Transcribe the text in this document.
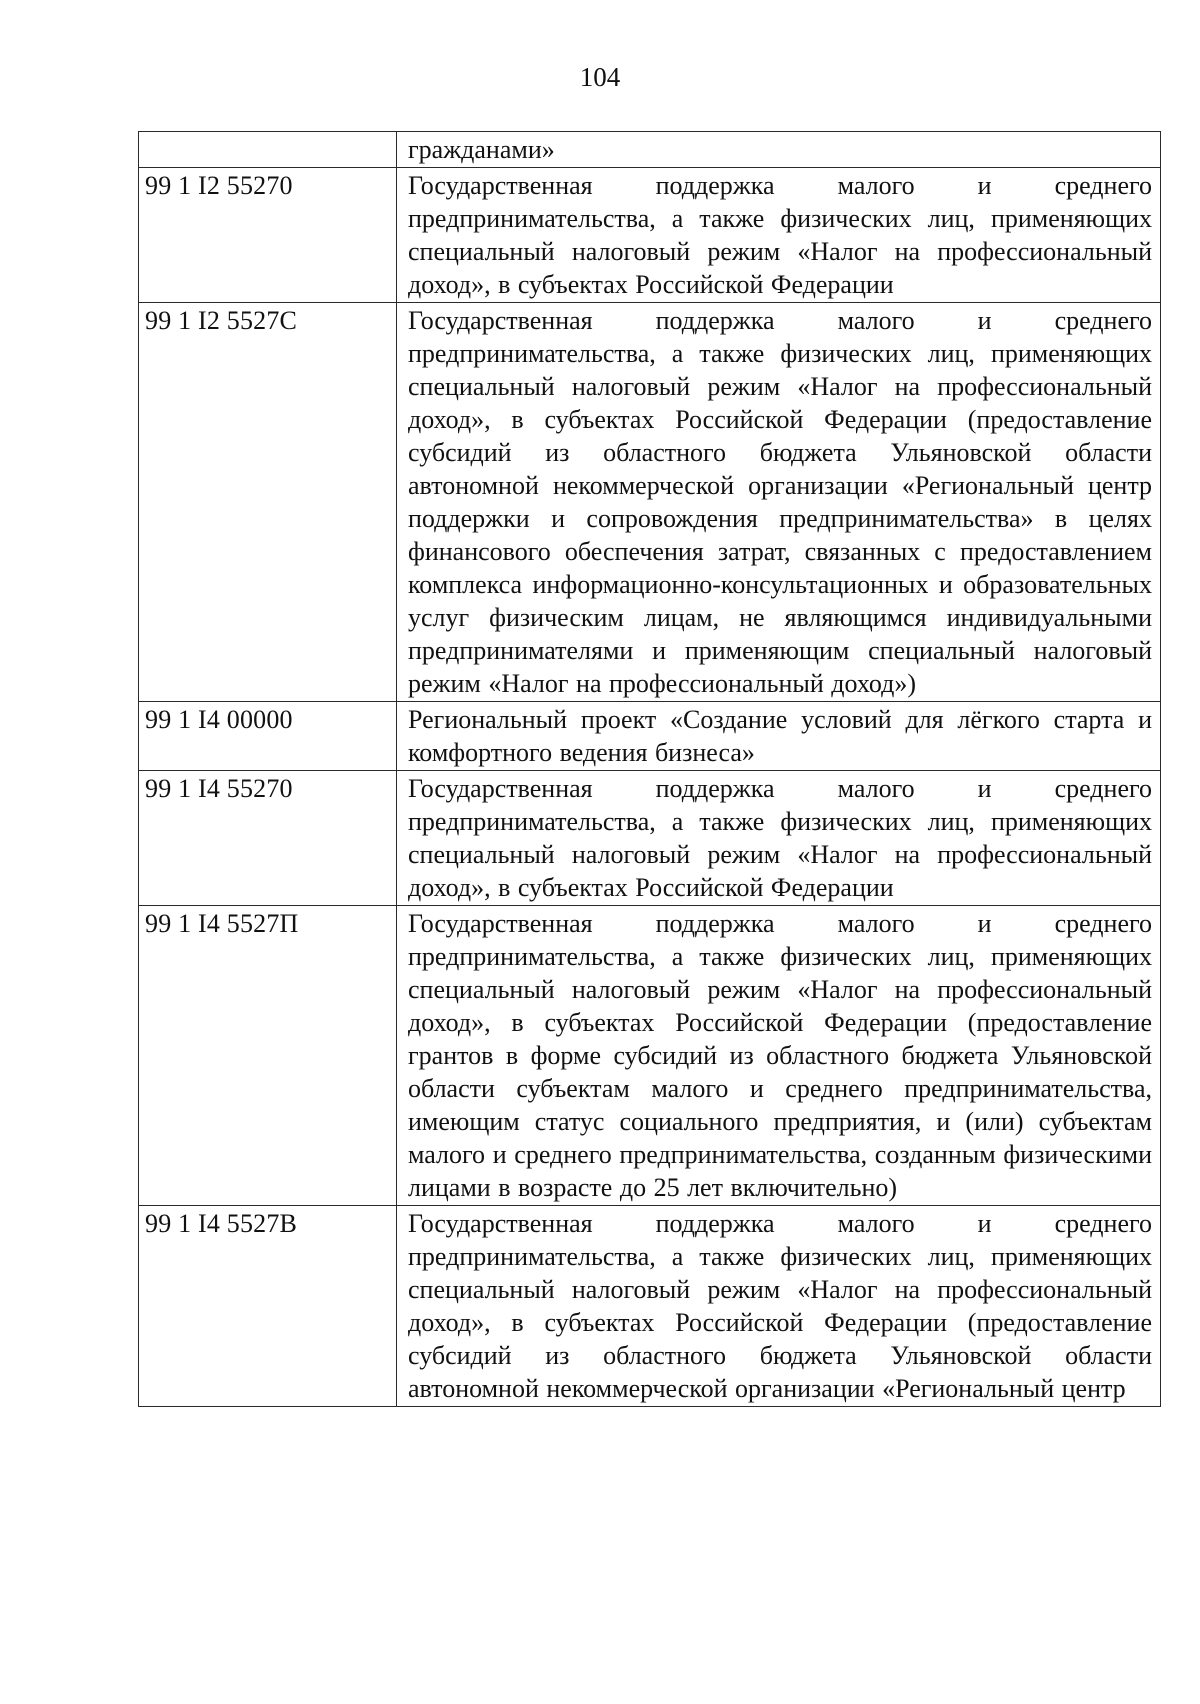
104
	гражданами»
99 1 I2 55270	Государственная поддержка малого и среднего предпринимательства, а также физических лиц, применяющих специальный налоговый режим «Налог на профессиональный доход», в субъектах Российской Федерации
99 1 I2 5527С	Государственная поддержка малого и среднего предпринимательства, а также физических лиц, применяющих специальный налоговый режим «Налог на профессиональный доход», в субъектах Российской Федерации (предоставление субсидий из областного бюджета Ульяновской области автономной некоммерческой организации «Региональный центр поддержки и сопровождения предпринимательства» в целях финансового обеспечения затрат, связанных с предоставлением комплекса информационно-консультационных и образовательных услуг физическим лицам, не являющимся индивидуальными предпринимателями и применяющим специальный налоговый режим «Налог на профессиональный доход»)
99 1 I4 00000	Региональный проект «Создание условий для лёгкого старта и комфортного ведения бизнеса»
99 1 I4 55270	Государственная поддержка малого и среднего предпринимательства, а также физических лиц, применяющих специальный налоговый режим «Налог на профессиональный доход», в субъектах Российской Федерации
99 1 I4 5527П	Государственная поддержка малого и среднего предпринимательства, а также физических лиц, применяющих специальный налоговый режим «Налог на профессиональный доход», в субъектах Российской Федерации (предоставление грантов в форме субсидий из областного бюджета Ульяновской области субъектам малого и среднего предпринимательства, имеющим статус социального предприятия, и (или) субъектам малого и среднего предпринимательства, созданным физическими лицами в возрасте до 25 лет включительно)
99 1 I4 5527В	Государственная поддержка малого и среднего предпринимательства, а также физических лиц, применяющих специальный налоговый режим «Налог на профессиональный доход», в субъектах Российской Федерации (предоставление субсидий из областного бюджета Ульяновской области автономной некоммерческой организации «Региональный центр
